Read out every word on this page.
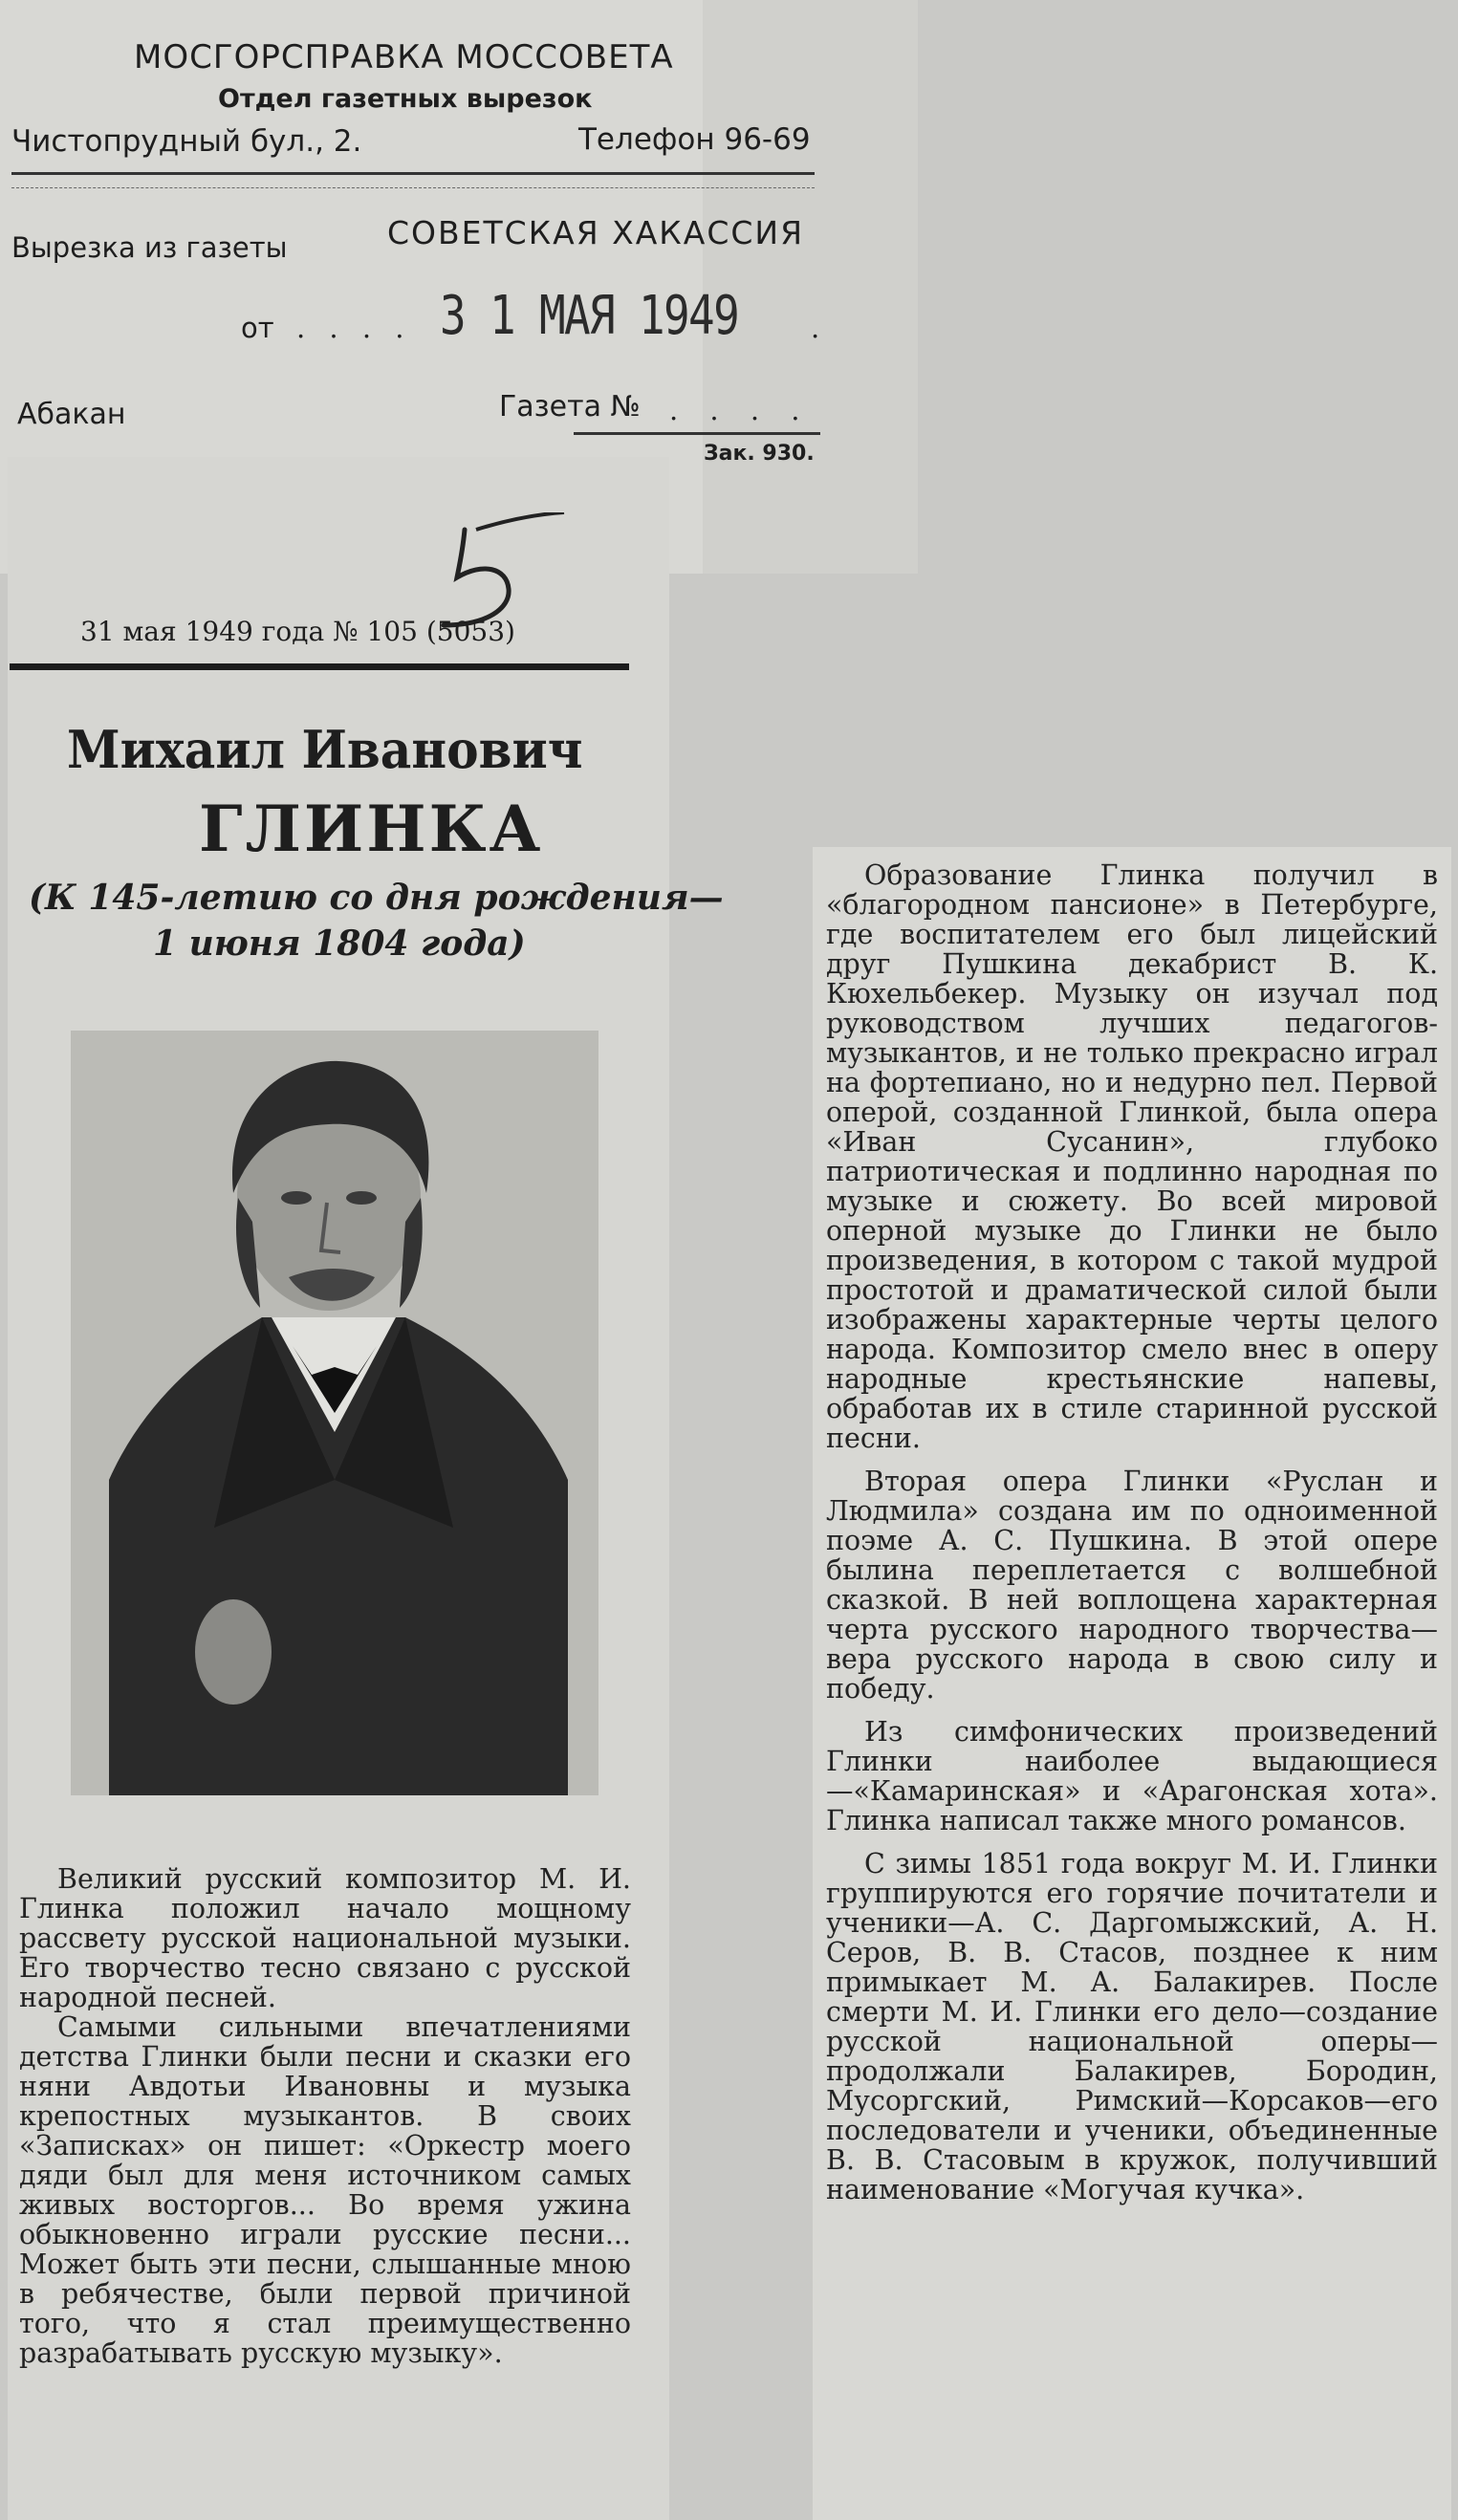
МОСГОРСПРАВКА МОССОВЕТА
Отдел газетных вырезок
Чистопрудный бул., 2.	Телефон 96-69
Вырезка из газеты	СОВЕТСКАЯ ХАКАССИЯ
от . . . . 3 1 МАЯ 1949	.
Абакан	Газета № . . . .
Зак. 930.
31 мая 1949 года № 105 (5053)
Михаил Иванович
ГЛИНКА
(К 145-летию со дня рождения—
1 июня 1804 года)

Великий русский композитор М. И. Глинка положил начало мощному рассвету русской национальной музыки. Его творчество тесно связано с русской народной песней.

Самыми сильными впечатлениями детства Глинки были песни и сказки его няни Авдотьи Ивановны и музыка крепостных музыкантов. В своих «Записках» он пишет: «Оркестр моего дяди был для меня источником самых живых восторгов... Во время ужина обыкновенно играли русские песни... Может быть эти песни, слышанные мною в ребячестве, были первой причиной того, что я стал преимущественно разрабатывать русскую музыку».

Образование Глинка получил в «благородном пансионе» в Петербурге, где воспитателем его был лицейский друг Пушкина декабрист В. К. Кюхельбекер. Музыку он изучал под руководством лучших педагогов-музыкантов, и не только прекрасно играл на фортепиано, но и недурно пел. Первой оперой, созданной Глинкой, была опера «Иван Сусанин», глубоко патриотическая и подлинно народная по музыке и сюжету. Во всей мировой оперной музыке до Глинки не было произведения, в котором с такой мудрой простотой и драматической силой были изображены характерные черты целого народа. Композитор смело внес в оперу народные крестьянские напевы, обработав их в стиле старинной русской песни.

Вторая опера Глинки «Руслан и Людмила» создана им по одноименной поэме А. С. Пушкина. В этой опере былина переплетается с волшебной сказкой. В ней воплощена характерная черта русского народного творчества—вера русского народа в свою силу и победу.

Из симфонических произведений Глинки наиболее выдающиеся —«Камаринская» и «Арагонская хота». Глинка написал также много романсов.

С зимы 1851 года вокруг М. И. Глинки группируются его горячие почитатели и ученики—А. С. Даргомыжский, А. Н. Серов, В. В. Стасов, позднее к ним примыкает М. А. Балакирев. После смерти М. И. Глинки его дело—создание русской национальной оперы—продолжали Балакирев, Бородин, Мусоргский, Римский—Корсаков—его последователи и ученики, объединенные В. В. Стасовым в кружок, получивший наименование «Могучая кучка».
